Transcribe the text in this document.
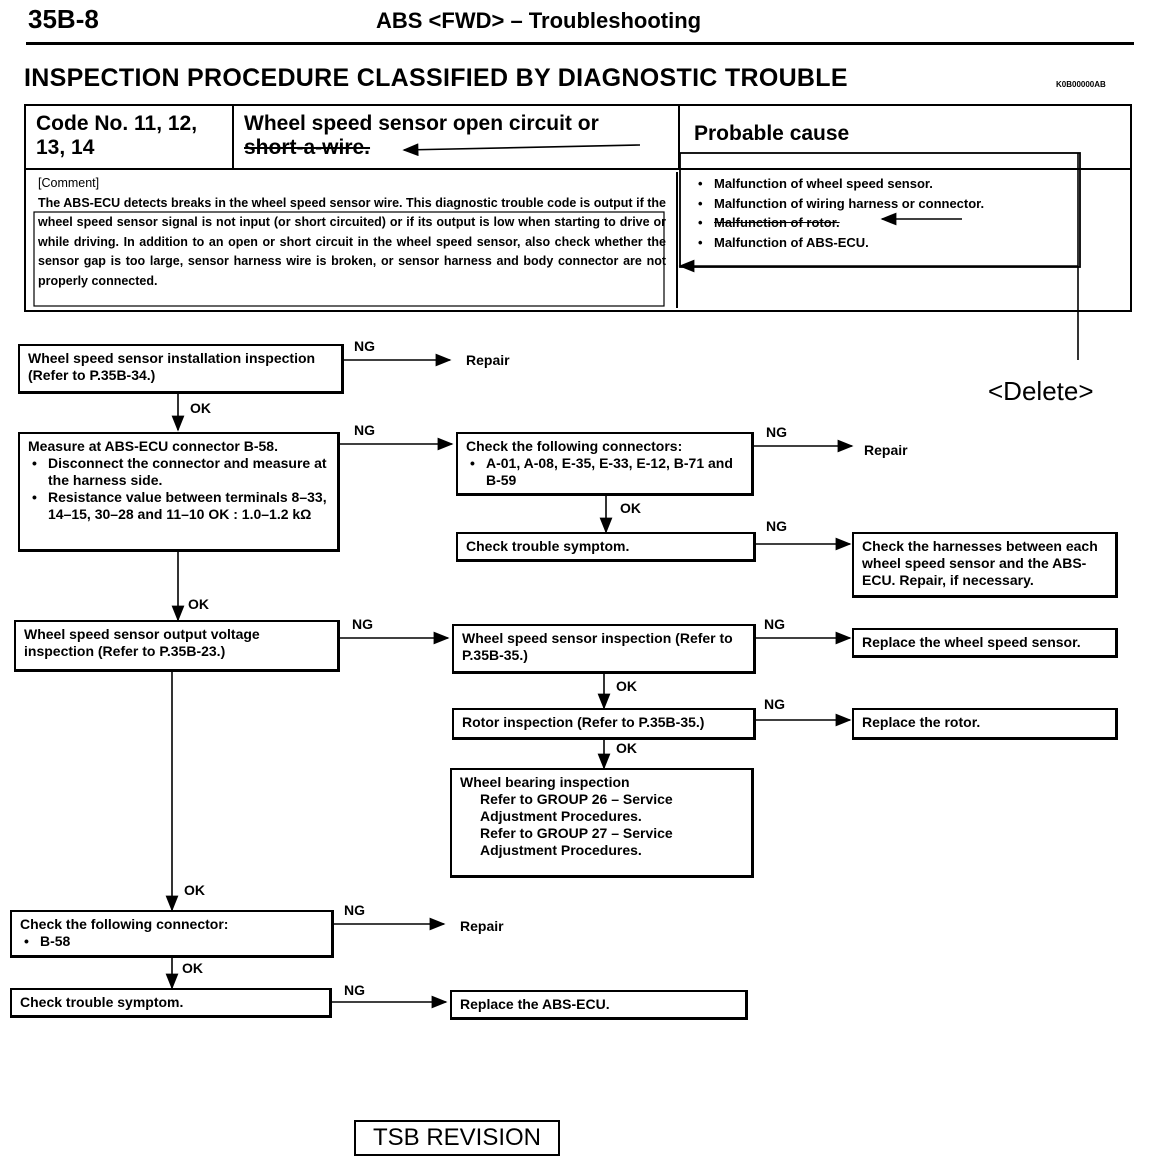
35B-8	ABS <FWD> – Troubleshooting
INSPECTION PROCEDURE CLASSIFIED BY DIAGNOSTIC TROUBLE	K0B00000AB
Code No. 11, 12, 13, 14
Wheel speed sensor open circuit or
short-a-wire.
Probable cause
[Comment]
The ABS-ECU detects breaks in the wheel speed sensor wire. This diagnostic trouble code is output if the wheel speed sensor signal is not input (or short circuited) or if its output is low when starting to drive or while driving. In addition to an open or short circuit in the wheel speed sensor, also check whether the sensor gap is too large, sensor harness wire is broken, or sensor harness and body connector are not properly connected.
• Malfunction of wheel speed sensor.
• Malfunction of wiring harness or connector.
• Malfunction of rotor.
• Malfunction of ABS-ECU.
<Delete>
Wheel speed sensor installation inspection (Refer to P.35B-34.)
NG
Repair
OK
Measure at ABS-ECU connector B-58.
• Disconnect the connector and measure at the harness side.
• Resistance value between terminals 8–33, 14–15, 30–28 and 11–10 OK : 1.0–1.2 kΩ
NG
Check the following connectors:
• A-01, A-08, E-35, E-33, E-12, B-71 and B-59
NG
Repair
OK
Check trouble symptom.
NG
Check the harnesses between each wheel speed sensor and the ABS-ECU. Repair, if necessary.
OK
Wheel speed sensor output voltage inspection (Refer to P.35B-23.)
NG
Wheel speed sensor inspection (Refer to P.35B-35.)
NG
Replace the wheel speed sensor.
OK
Rotor inspection (Refer to P.35B-35.)
NG
Replace the rotor.
OK
Wheel bearing inspection
Refer to GROUP 26 – Service Adjustment Procedures.
Refer to GROUP 27 – Service Adjustment Procedures.
OK
Check the following connector:
• B-58
NG
Repair
OK
Check trouble symptom.
NG
Replace the ABS-ECU.
TSB REVISION
